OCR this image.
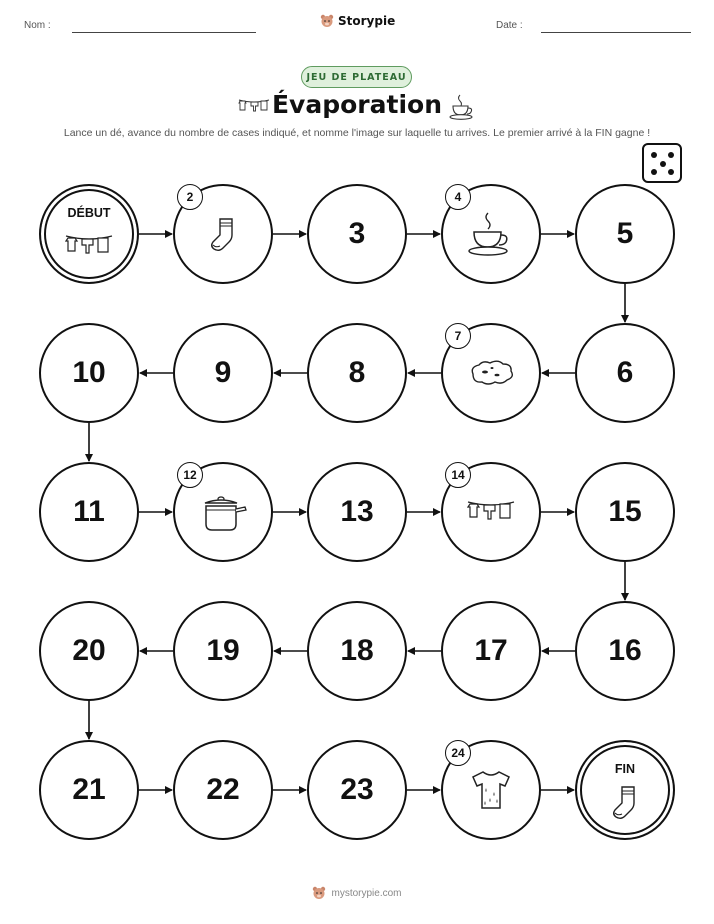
Nom :	Storypie	Date :
JEU DE PLATEAU
Évaporation
Lance un dé, avance du nombre de cases indiqué, et nomme l'image sur laquelle tu arrives. Le premier arrivé à la FIN gagne !
DÉBUT
2
3
4
5
6
7
8
9
10
11
12
13
14
15
16
17
18
19
20
21	22	23
24
FIN
mystorypie.com
